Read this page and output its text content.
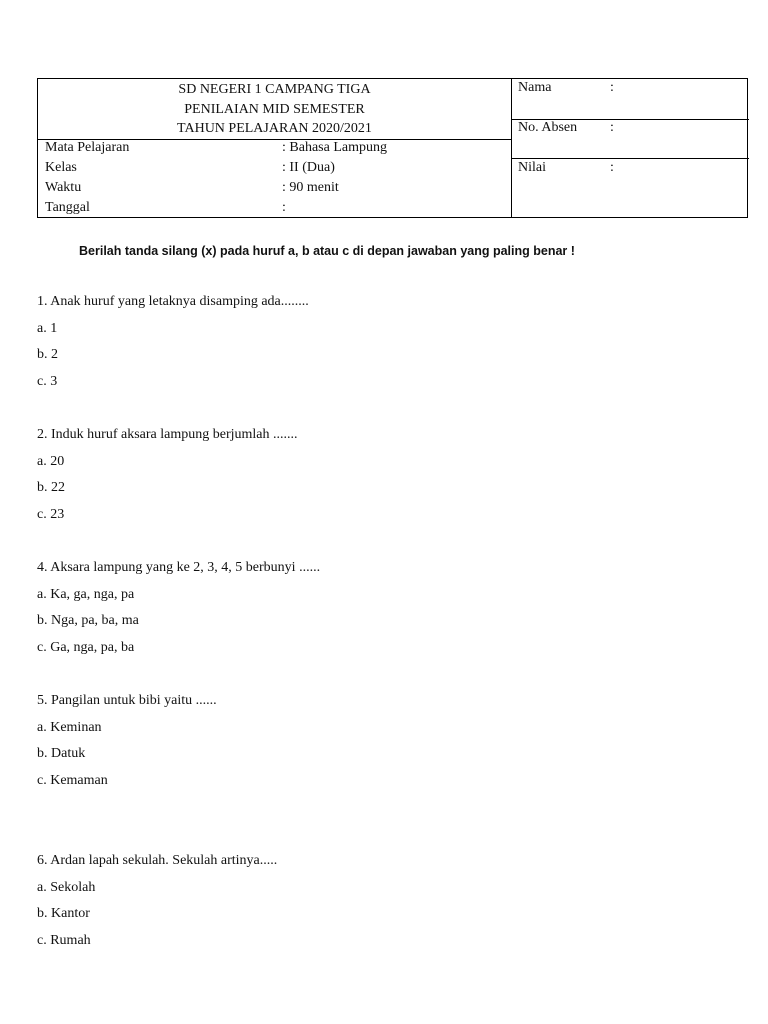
SD NEGERI 1 CAMPANG TIGA
PENILAIAN MID SEMESTER
TAHUN PELAJARAN 2020/2021
Mata Pelajaran	: Bahasa Lampung
Kelas	: II (Dua)
Waktu	: 90 menit
Tanggal	:
Nama	:
No. Absen :
Nilai	:
Berilah tanda silang (x) pada huruf a, b atau c di depan jawaban yang paling benar !
1. Anak huruf yang letaknya disamping ada........
a. 1
b. 2
c. 3
2. Induk huruf aksara lampung berjumlah .......
a. 20
b. 22
c. 23
4. Aksara lampung yang ke 2, 3, 4, 5 berbunyi ......
a. Ka, ga, nga, pa
b. Nga, pa, ba, ma
c. Ga, nga, pa, ba
5. Pangilan untuk bibi yaitu ......
a. Keminan
b. Datuk
c. Kemaman
6. Ardan lapah sekulah. Sekulah artinya.....
a. Sekolah
b. Kantor
c. Rumah
